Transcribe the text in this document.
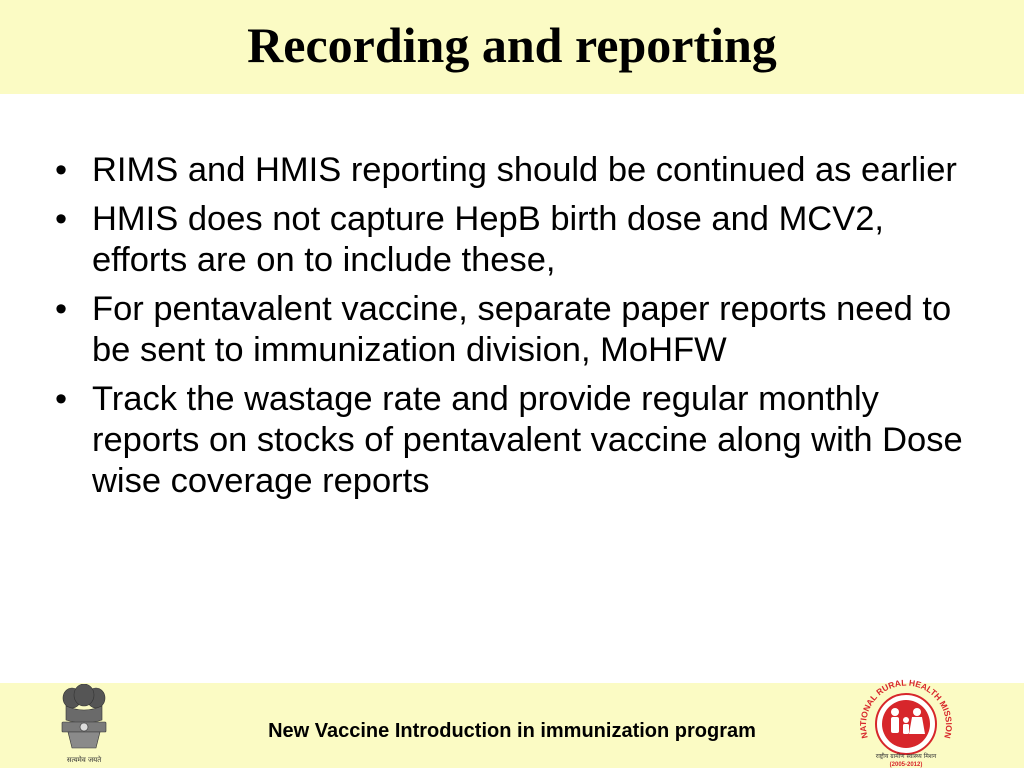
Recording and reporting
• RIMS and HMIS reporting should be continued as earlier
• HMIS does not capture HepB birth dose and MCV2, efforts are on to include these,
• For pentavalent vaccine, separate paper reports need to be sent to immunization division, MoHFW
• Track the wastage rate and provide regular monthly reports on stocks of pentavalent vaccine along with Dose wise coverage reports
सत्यमेव जयते

New Vaccine Introduction in immunization program	NATIONAL RURAL HEALTH MISSION
राष्ट्रीय ग्रामीण स्वास्थ्य मिशन
(2005-2012)
